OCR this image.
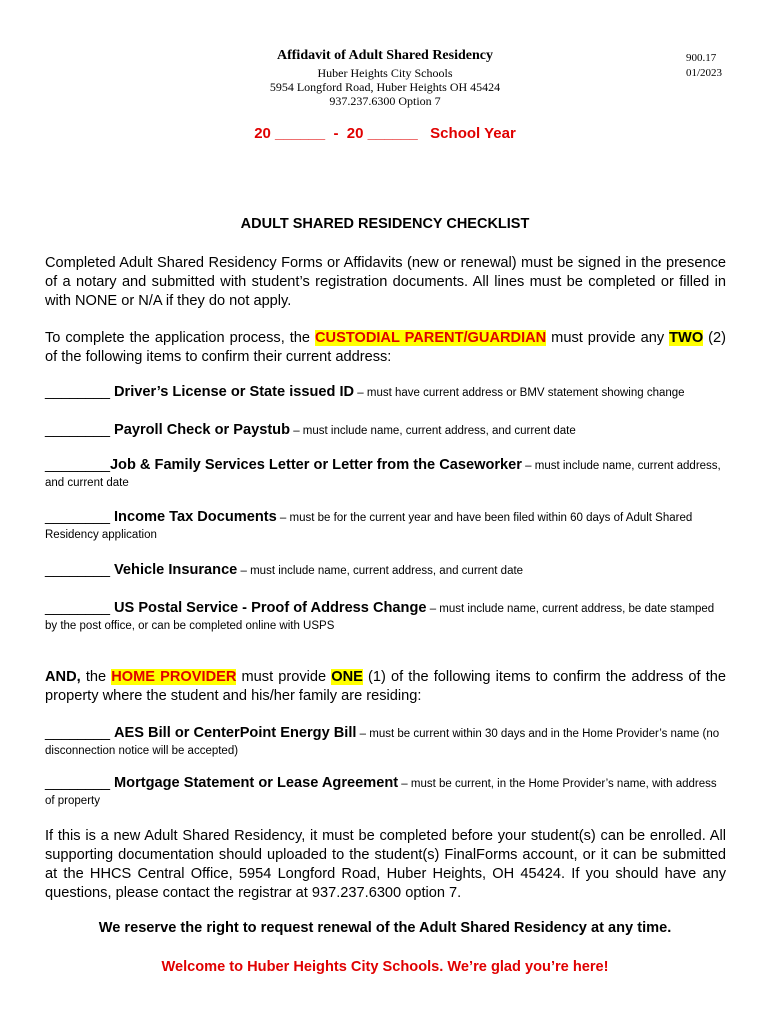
Affidavit of Adult Shared Residency
Huber Heights City Schools
5954 Longford Road, Huber Heights OH 45424
937.237.6300 Option 7
900.17
01/2023
20 ______  -  20 ______   School Year
ADULT SHARED RESIDENCY CHECKLIST
Completed Adult Shared Residency Forms or Affidavits (new or renewal) must be signed in the presence of a notary and submitted with student’s registration documents. All lines must be completed or filled in with NONE or N/A if they do not apply.
To complete the application process, the CUSTODIAL PARENT/GUARDIAN must provide any TWO (2) of the following items to confirm their current address:
________ Driver’s License or State issued ID – must have current address or BMV statement showing change
________ Payroll Check or Paystub – must include name, current address, and current date
________Job & Family Services Letter or Letter from the Caseworker – must include name, current address, and current date
________ Income Tax Documents – must be for the current year and have been filed within 60 days of Adult Shared Residency application
________ Vehicle Insurance – must include name, current address, and current date
________ US Postal Service - Proof of Address Change – must include name, current address, be date stamped by the post office, or can be completed online with USPS
AND, the HOME PROVIDER must provide ONE (1) of the following items to confirm the address of the property where the student and his/her family are residing:
________ AES Bill or CenterPoint Energy Bill – must be current within 30 days and in the Home Provider’s name (no disconnection notice will be accepted)
________ Mortgage Statement or Lease Agreement – must be current, in the Home Provider’s name, with address of property
If this is a new Adult Shared Residency, it must be completed before your student(s) can be enrolled. All supporting documentation should uploaded to the student(s) FinalForms account, or it can be submitted at the HHCS Central Office, 5954 Longford Road, Huber Heights, OH 45424. If you should have any questions, please contact the registrar at 937.237.6300 option 7.
We reserve the right to request renewal of the Adult Shared Residency at any time.
Welcome to Huber Heights City Schools. We’re glad you’re here!
